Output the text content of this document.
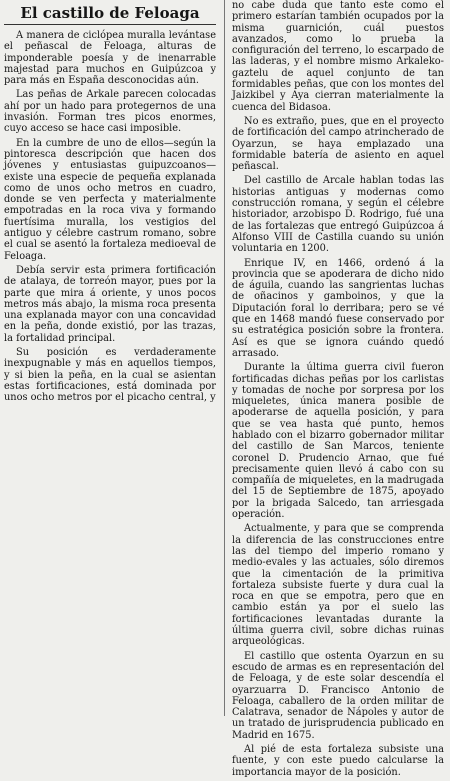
El castillo de Feloaga

A manera de ciclópea muralla levántase el peñascal de Feloaga, alturas de imponderable poesía y de inenarrable majestad para muchos en Guipúzcoa y para más en España desconocidas aún.

Las peñas de Arkale parecen colocadas ahí por un hado para protegernos de una invasión. Forman tres picos enormes, cuyo acceso se hace casi imposible.

En la cumbre de uno de ellos—según la pintoresca descripción que hacen dos jóvenes y entusiastas guipuzcoanos—existe una especie de pequeña explanada como de unos ocho metros en cuadro, donde se ven perfecta y materialmente empotradas en la roca viva y formando fuertísima muralla, los vestigios del antiguo y célebre castrum romano, sobre el cual se asentó la fortaleza medioeval de Feloaga.

Debía servir esta primera fortificación de atalaya, de torreón mayor, pues por la parte que mira á oriente, y unos pocos metros más abajo, la misma roca presenta una explanada mayor con una concavidad en la peña, donde existió, por las trazas, la fortalidad principal.

Su posición es verdaderamente inexpugnable y más en aquellos tiempos, y si bien la peña, en la cual se asientan estas fortificaciones, está dominada por unos ocho metros por el picacho central, y

no cabe duda que tanto este como el primero estarían también ocupados por la misma guarnición, cuál puestos avanzados, como lo prueba la configuración del terreno, lo escarpado de las laderas, y el nombre mismo Arkaleko-gaztelu de aquel conjunto de tan formidables peñas, que con los montes del Jaizkibel y Aya cierran materialmente la cuenca del Bidasoa.

No es extraño, pues, que en el proyecto de fortificación del campo atrincherado de Oyarzun, se haya emplazado una formidable batería de asiento en aquel peñascal.

Del castillo de Arcale hablan todas las historias antiguas y modernas como construcción romana, y según el célebre historiador, arzobispo D. Rodrigo, fué una de las fortalezas que entregó Guipúzcoa á Alfonso VIII de Castilla cuando su unión voluntaria en 1200.

Enrique IV, en 1466, ordenó á la provincia que se apoderara de dicho nido de águila, cuando las sangrientas luchas de oñacinos y gamboinos, y que la Diputación foral lo derribara; pero se vé que en 1468 mandó fuese conservado por su estratégica posición sobre la frontera. Así es que se ignora cuándo quedó arrasado.

Durante la última guerra civil fueron fortificadas dichas peñas por los carlistas y tomadas de noche por sorpresa por los miqueletes, única manera posible de apoderarse de aquella posición, y para que se vea hasta qué punto, hemos hablado con el bizarro gobernador militar del castillo de San Marcos, teniente coronel D. Prudencio Arnao, que fué precisamente quien llevó á cabo con su compañía de miqueletes, en la madrugada del 15 de Septiembre de 1875, apoyado por la brigada Salcedo, tan arriesgada operación.

Actualmente, y para que se comprenda la diferencia de las construcciones entre las del tiempo del imperio romano y medio-evales y las actuales, sólo diremos que la cimentación de la primitiva fortaleza subsiste fuerte y dura cual la roca en que se empotra, pero que en cambio están ya por el suelo las fortificaciones levantadas durante la última guerra civil, sobre dichas ruinas arqueológicas.

El castillo que ostenta Oyarzun en su escudo de armas es en representación del de Feloaga, y de este solar descendía el oyarzuarra D. Francisco Antonio de Feloaga, caballero de la orden militar de Calatrava, senador de Nápoles y autor de un tratado de jurisprudencia publicado en Madrid en 1675.

Al pié de esta fortaleza subsiste una fuente, y con este puedo calcularse la importancia mayor de la posición.
